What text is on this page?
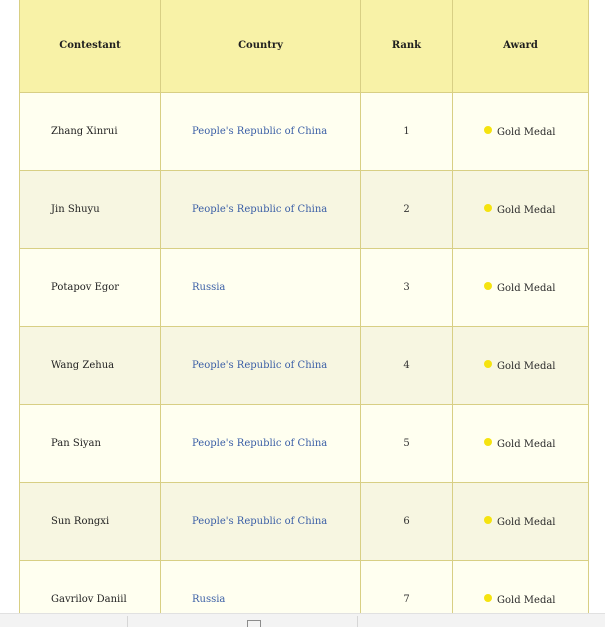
Contestant	Country	Rank	Award
Zhang Xinrui	People's Republic of China	1	Gold Medal
Jin Shuyu	People's Republic of China	2	Gold Medal
Potapov Egor	Russia	3	Gold Medal
Wang Zehua	People's Republic of China	4	Gold Medal
Pan Siyan	People's Republic of China	5	Gold Medal
Sun Rongxi	People's Republic of China	6	Gold Medal
Gavrilov Daniil	Russia	7	Gold Medal
